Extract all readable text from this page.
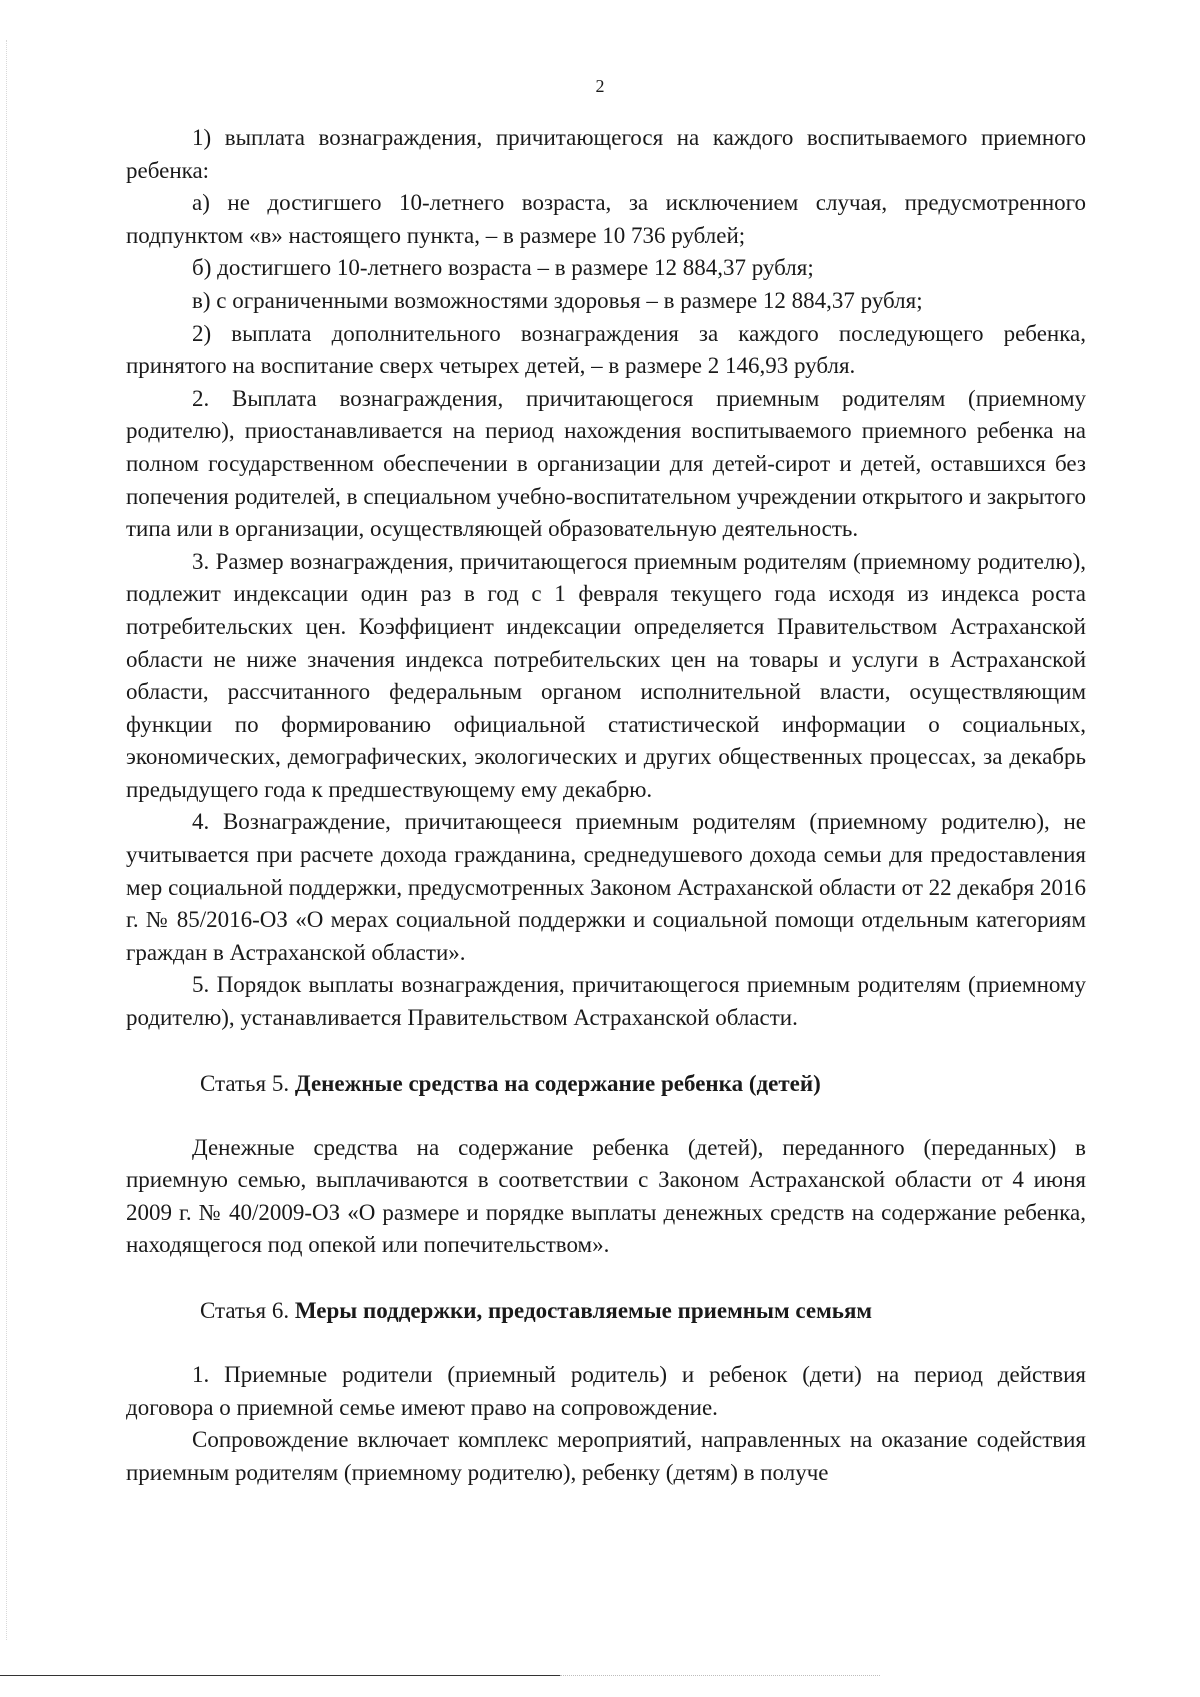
2

1) выплата вознаграждения, причитающегося на каждого воспитываемого приемного ребенка:

а) не достигшего 10-летнего возраста, за исключением случая, предусмотренного подпунктом «в» настоящего пункта, – в размере 10 736 рублей;

б) достигшего 10-летнего возраста – в размере 12 884,37 рубля;

в) с ограниченными возможностями здоровья – в размере 12 884,37 рубля;

2) выплата дополнительного вознаграждения за каждого последующего ребенка, принятого на воспитание сверх четырех детей, – в размере 2 146,93 рубля.

2. Выплата вознаграждения, причитающегося приемным родителям (приемному родителю), приостанавливается на период нахождения воспитываемого приемного ребенка на полном государственном обеспечении в организации для детей-сирот и детей, оставшихся без попечения родителей, в специальном учебно-воспитательном учреждении открытого и закрытого типа или в организации, осуществляющей образовательную деятельность.

3. Размер вознаграждения, причитающегося приемным родителям (приемному родителю), подлежит индексации один раз в год с 1 февраля текущего года исходя из индекса роста потребительских цен. Коэффициент индексации определяется Правительством Астраханской области не ниже значения индекса потребительских цен на товары и услуги в Астраханской области, рассчитанного федеральным органом исполнительной власти, осуществляющим функции по формированию официальной статистической информации о социальных, экономических, демографических, экологических и других общественных процессах, за декабрь предыдущего года к предшествующему ему декабрю.

4. Вознаграждение, причитающееся приемным родителям (приемному родителю), не учитывается при расчете дохода гражданина, среднедушевого дохода семьи для предоставления мер социальной поддержки, предусмотренных Законом Астраханской области от 22 декабря 2016 г. № 85/2016-ОЗ «О мерах социальной поддержки и социальной помощи отдельным категориям граждан в Астраханской области».

5. Порядок выплаты вознаграждения, причитающегося приемным родителям (приемному родителю), устанавливается Правительством Астраханской области.

Статья 5. Денежные средства на содержание ребенка (детей)

Денежные средства на содержание ребенка (детей), переданного (переданных) в приемную семью, выплачиваются в соответствии с Законом Астраханской области от 4 июня 2009 г. № 40/2009-ОЗ «О размере и порядке выплаты денежных средств на содержание ребенка, находящегося под опекой или попечительством».

Статья 6. Меры поддержки, предоставляемые приемным семьям

1. Приемные родители (приемный родитель) и ребенок (дети) на период действия договора о приемной семье имеют право на сопровождение.

Сопровождение включает комплекс мероприятий, направленных на оказание содействия приемным родителям (приемному родителю), ребенку (детям) в получе
